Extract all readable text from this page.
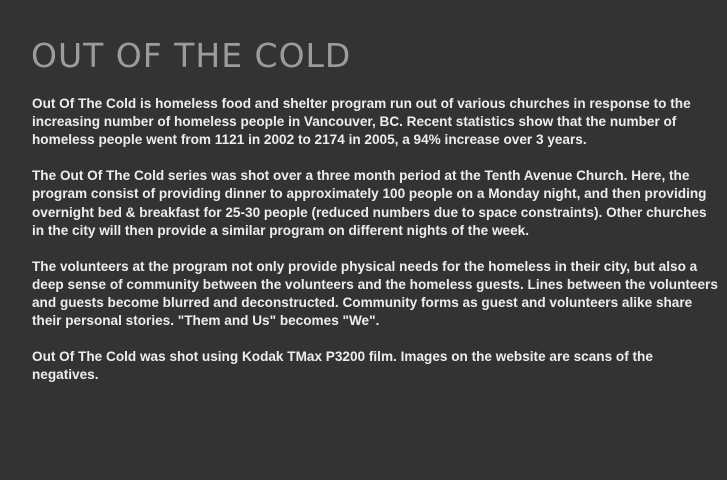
OUT OF THE COLD

Out Of The Cold is homeless food and shelter program run out of various churches in response to the increasing number of homeless people in Vancouver, BC. Recent statistics show that the number of homeless people went from 1121 in 2002 to 2174 in 2005, a 94% increase over 3 years.

The Out Of The Cold series was shot over a three month period at the Tenth Avenue Church. Here, the program consist of providing dinner to approximately 100 people on a Monday night, and then providing overnight bed & breakfast for 25-30 people (reduced numbers due to space constraints). Other churches in the city will then provide a similar program on different nights of the week.

The volunteers at the program not only provide physical needs for the homeless in their city, but also a deep sense of community between the volunteers and the homeless guests. Lines between the volunteers and guests become blurred and deconstructed. Community forms as guest and volunteers alike share their personal stories. "Them and Us" becomes "We".

Out Of The Cold was shot using Kodak TMax P3200 film. Images on the website are scans of the negatives.
